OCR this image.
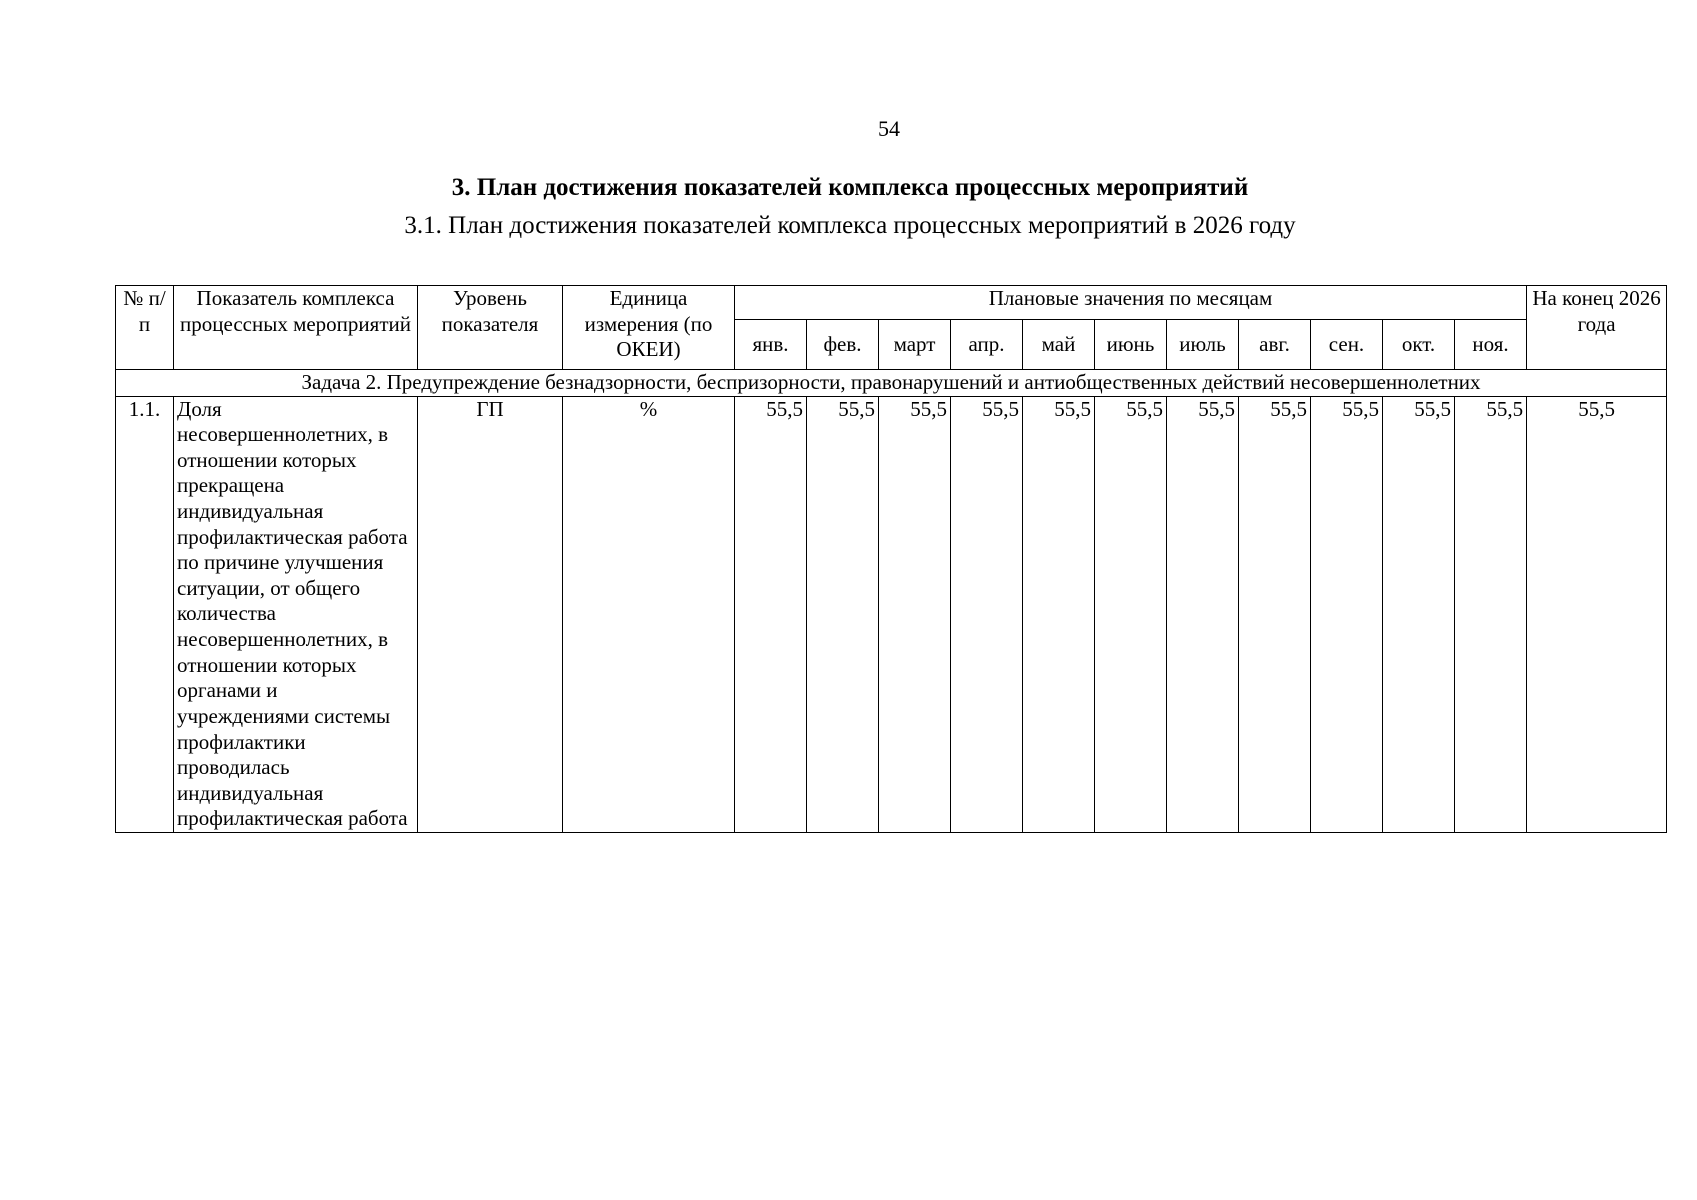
54
3. План достижения показателей комплекса процессных мероприятий
3.1. План достижения показателей комплекса процессных мероприятий в 2026 году
№ п/п	Показатель комплекса процессных мероприятий	Уровень показателя	Единица измерения (по ОКЕИ)	Плановые значения по месяцам											На конец 2026 года
				янв.	фев.	март	апр.	май	июнь	июль	авг.	сен.	окт.	ноя.	
Задача 2. Предупреждение безнадзорности, беспризорности, правонарушений и антиобщественных действий несовершеннолетних															
1.1.	Доля несовершеннолетних, в отношении которых прекращена индивидуальная профилактическая работа по причине улучшения ситуации, от общего количества несовершеннолетних, в отношении которых органами и учреждениями системы профилактики проводилась индивидуальная профилактическая работа	ГП	%	55,5	55,5	55,5	55,5	55,5	55,5	55,5	55,5	55,5	55,5	55,5	55,5
